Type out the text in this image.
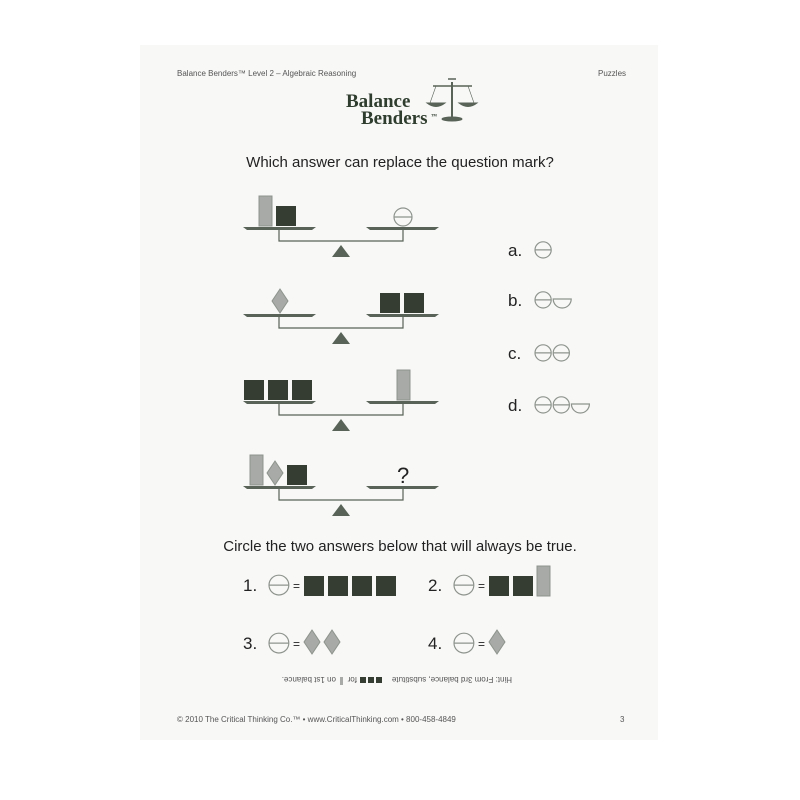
Balance Benders™ Level 2 – Algebraic Reasoning	Puzzles
Balance
Benders ™
Which answer can replace the question mark?
?
a.
b.
c.
d.
Circle the two answers below that will always be true.
1.	=	2.	=
3.	=	4.	=
Hint: From 3rd balance, substitute
for
on 1st balance.
© 2010 The Critical Thinking Co.™ • www.CriticalThinking.com • 800-458-4849	3
